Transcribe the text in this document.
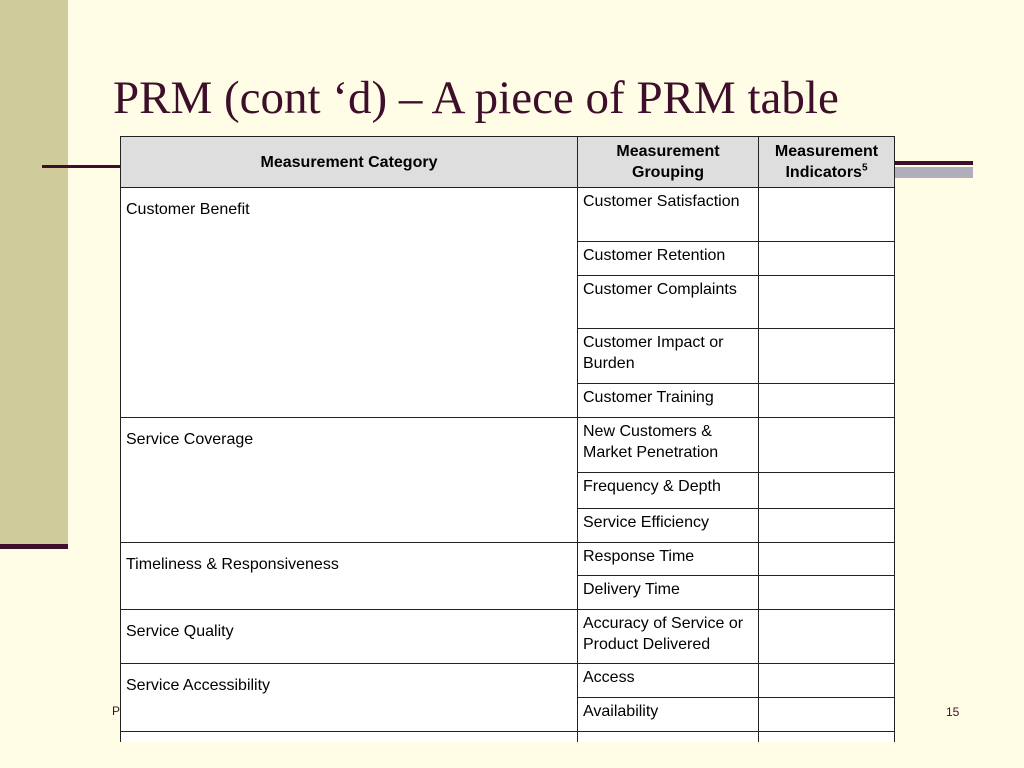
PRM (cont ‘d) – A piece of PRM table
Measurement Category	Measurement Grouping	Measurement Indicators$^5$
Customer Benefit	Customer Satisfaction	
	Customer Retention	
	Customer Complaints	
	Customer Impact or Burden	
	Customer Training	
Service Coverage	New Customers & Market Penetration	
	Frequency & Depth	
	Service Efficiency	
Timeliness & Responsiveness	Response Time	
	Delivery Time	
Service Quality	Accuracy of Service or Product Delivered	
Service Accessibility	Access	
	Availability	

P	15
